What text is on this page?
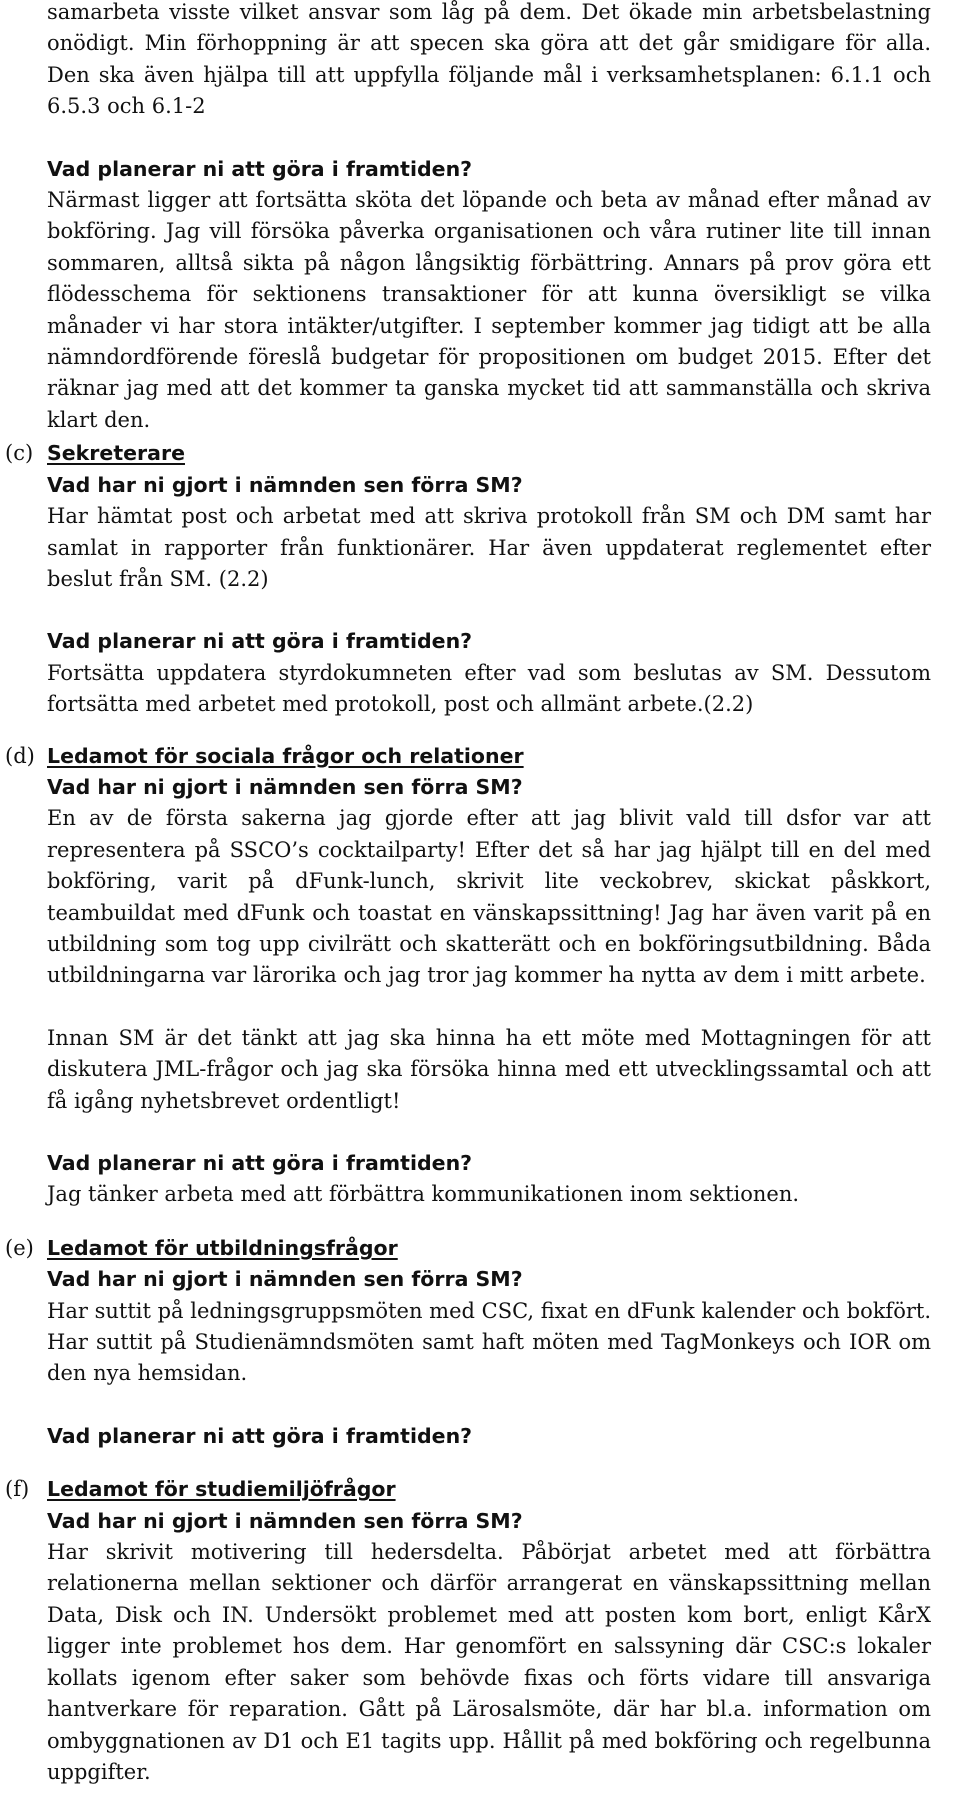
samarbeta visste vilket ansvar som låg på dem. Det ökade min arbetsbelastning onödigt. Min förhoppning är att specen ska göra att det går smidigare för alla. Den ska även hjälpa till att uppfylla följande mål i verksamhetsplanen: 6.1.1 och 6.5.3 och 6.1-2

Vad planerar ni att göra i framtiden?

Närmast ligger att fortsätta sköta det löpande och beta av månad efter månad av bokföring. Jag vill försöka påverka organisationen och våra rutiner lite till innan sommaren, alltså sikta på någon långsiktig förbättring. Annars på prov göra ett flödesschema för sektionens transaktioner för att kunna översikligt se vilka månader vi har stora intäkter/utgifter. I september kommer jag tidigt att be alla nämndordförende föreslå budgetar för propositionen om budget 2015. Efter det räknar jag med att det kommer ta ganska mycket tid att sammanställa och skriva klart den.

(c) Sekreterare

Vad har ni gjort i nämnden sen förra SM?

Har hämtat post och arbetat med att skriva protokoll från SM och DM samt har samlat in rapporter från funktionärer. Har även uppdaterat reglementet efter beslut från SM. (2.2)

Vad planerar ni att göra i framtiden?

Fortsätta uppdatera styrdokumneten efter vad som beslutas av SM. Dessutom fortsätta med arbetet med protokoll, post och allmänt arbete.(2.2)

(d) Ledamot för sociala frågor och relationer

Vad har ni gjort i nämnden sen förra SM?

En av de första sakerna jag gjorde efter att jag blivit vald till dsfor var att representera på SSCO’s cocktailparty! Efter det så har jag hjälpt till en del med bokföring, varit på dFunk-lunch, skrivit lite veckobrev, skickat påskkort, teambuildat med dFunk och toastat en vänskapssittning! Jag har även varit på en utbildning som tog upp civilrätt och skatterätt och en bokföringsutbildning. Båda utbildningarna var lärorika och jag tror jag kommer ha nytta av dem i mitt arbete.

Innan SM är det tänkt att jag ska hinna ha ett möte med Mottagningen för att diskutera JML-frågor och jag ska försöka hinna med ett utvecklingssamtal och att få igång nyhetsbrevet ordentligt!

Vad planerar ni att göra i framtiden?

Jag tänker arbeta med att förbättra kommunikationen inom sektionen.

(e) Ledamot för utbildningsfrågor

Vad har ni gjort i nämnden sen förra SM?

Har suttit på ledningsgruppsmöten med CSC, fixat en dFunk kalender och bokfört. Har suttit på Studienämndsmöten samt haft möten med TagMonkeys och IOR om den nya hemsidan.

Vad planerar ni att göra i framtiden?

(f) Ledamot för studiemiljöfrågor

Vad har ni gjort i nämnden sen förra SM?

Har skrivit motivering till hedersdelta. Påbörjat arbetet med att förbättra relationerna mellan sektioner och därför arrangerat en vänskapssittning mellan Data, Disk och IN. Undersökt problemet med att posten kom bort, enligt KårX ligger inte problemet hos dem. Har genomfört en salssyning där CSC:s lokaler kollats igenom efter saker som behövde fixas och förts vidare till ansvariga hantverkare för reparation. Gått på Lärosalsmöte, där har bl.a. information om ombyggnationen av D1 och E1 tagits upp. Hållit på med bokföring och regelbunna uppgifter.
